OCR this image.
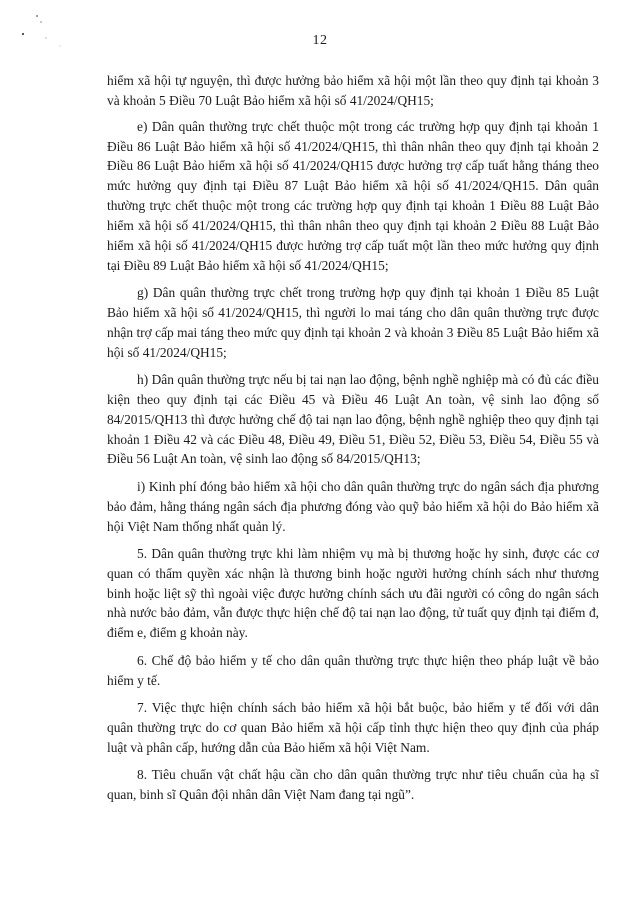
12

hiểm xã hội tự nguyện, thì được hưởng bảo hiểm xã hội một lần theo quy định tại khoản 3 và khoản 5 Điều 70 Luật Bảo hiểm xã hội số 41/2024/QH15;

e) Dân quân thường trực chết thuộc một trong các trường hợp quy định tại khoản 1 Điều 86 Luật Bảo hiểm xã hội số 41/2024/QH15, thì thân nhân theo quy định tại khoản 2 Điều 86 Luật Bảo hiểm xã hội số 41/2024/QH15 được hưởng trợ cấp tuất hằng tháng theo mức hưởng quy định tại Điều 87 Luật Bảo hiểm xã hội số 41/2024/QH15. Dân quân thường trực chết thuộc một trong các trường hợp quy định tại khoản 1 Điều 88 Luật Bảo hiểm xã hội số 41/2024/QH15, thì thân nhân theo quy định tại khoản 2 Điều 88 Luật Bảo hiểm xã hội số 41/2024/QH15 được hưởng trợ cấp tuất một lần theo mức hưởng quy định tại Điều 89 Luật Bảo hiểm xã hội số 41/2024/QH15;

g) Dân quân thường trực chết trong trường hợp quy định tại khoản 1 Điều 85 Luật Bảo hiểm xã hội số 41/2024/QH15, thì người lo mai táng cho dân quân thường trực được nhận trợ cấp mai táng theo mức quy định tại khoản 2 và khoản 3 Điều 85 Luật Bảo hiểm xã hội số 41/2024/QH15;

h) Dân quân thường trực nếu bị tai nạn lao động, bệnh nghề nghiệp mà có đủ các điều kiện theo quy định tại các Điều 45 và Điều 46 Luật An toàn, vệ sinh lao động số 84/2015/QH13 thì được hưởng chế độ tai nạn lao động, bệnh nghề nghiệp theo quy định tại khoản 1 Điều 42 và các Điều 48, Điều 49, Điều 51, Điều 52, Điều 53, Điều 54, Điều 55 và Điều 56 Luật An toàn, vệ sinh lao động số 84/2015/QH13;

i) Kinh phí đóng bảo hiểm xã hội cho dân quân thường trực do ngân sách địa phương bảo đảm, hằng tháng ngân sách địa phương đóng vào quỹ bảo hiểm xã hội do Bảo hiểm xã hội Việt Nam thống nhất quản lý.

5. Dân quân thường trực khi làm nhiệm vụ mà bị thương hoặc hy sinh, được các cơ quan có thẩm quyền xác nhận là thương binh hoặc người hưởng chính sách như thương binh hoặc liệt sỹ thì ngoài việc được hưởng chính sách ưu đãi người có công do ngân sách nhà nước bảo đảm, vẫn được thực hiện chế độ tai nạn lao động, tử tuất quy định tại điểm đ, điểm e, điểm g khoản này.

6. Chế độ bảo hiểm y tế cho dân quân thường trực thực hiện theo pháp luật về bảo hiểm y tế.

7. Việc thực hiện chính sách bảo hiểm xã hội bắt buộc, bảo hiểm y tế đối với dân quân thường trực do cơ quan Bảo hiểm xã hội cấp tỉnh thực hiện theo quy định của pháp luật và phân cấp, hướng dẫn của Bảo hiểm xã hội Việt Nam.

8. Tiêu chuẩn vật chất hậu cần cho dân quân thường trực như tiêu chuẩn của hạ sĩ quan, binh sĩ Quân đội nhân dân Việt Nam đang tại ngũ”.
